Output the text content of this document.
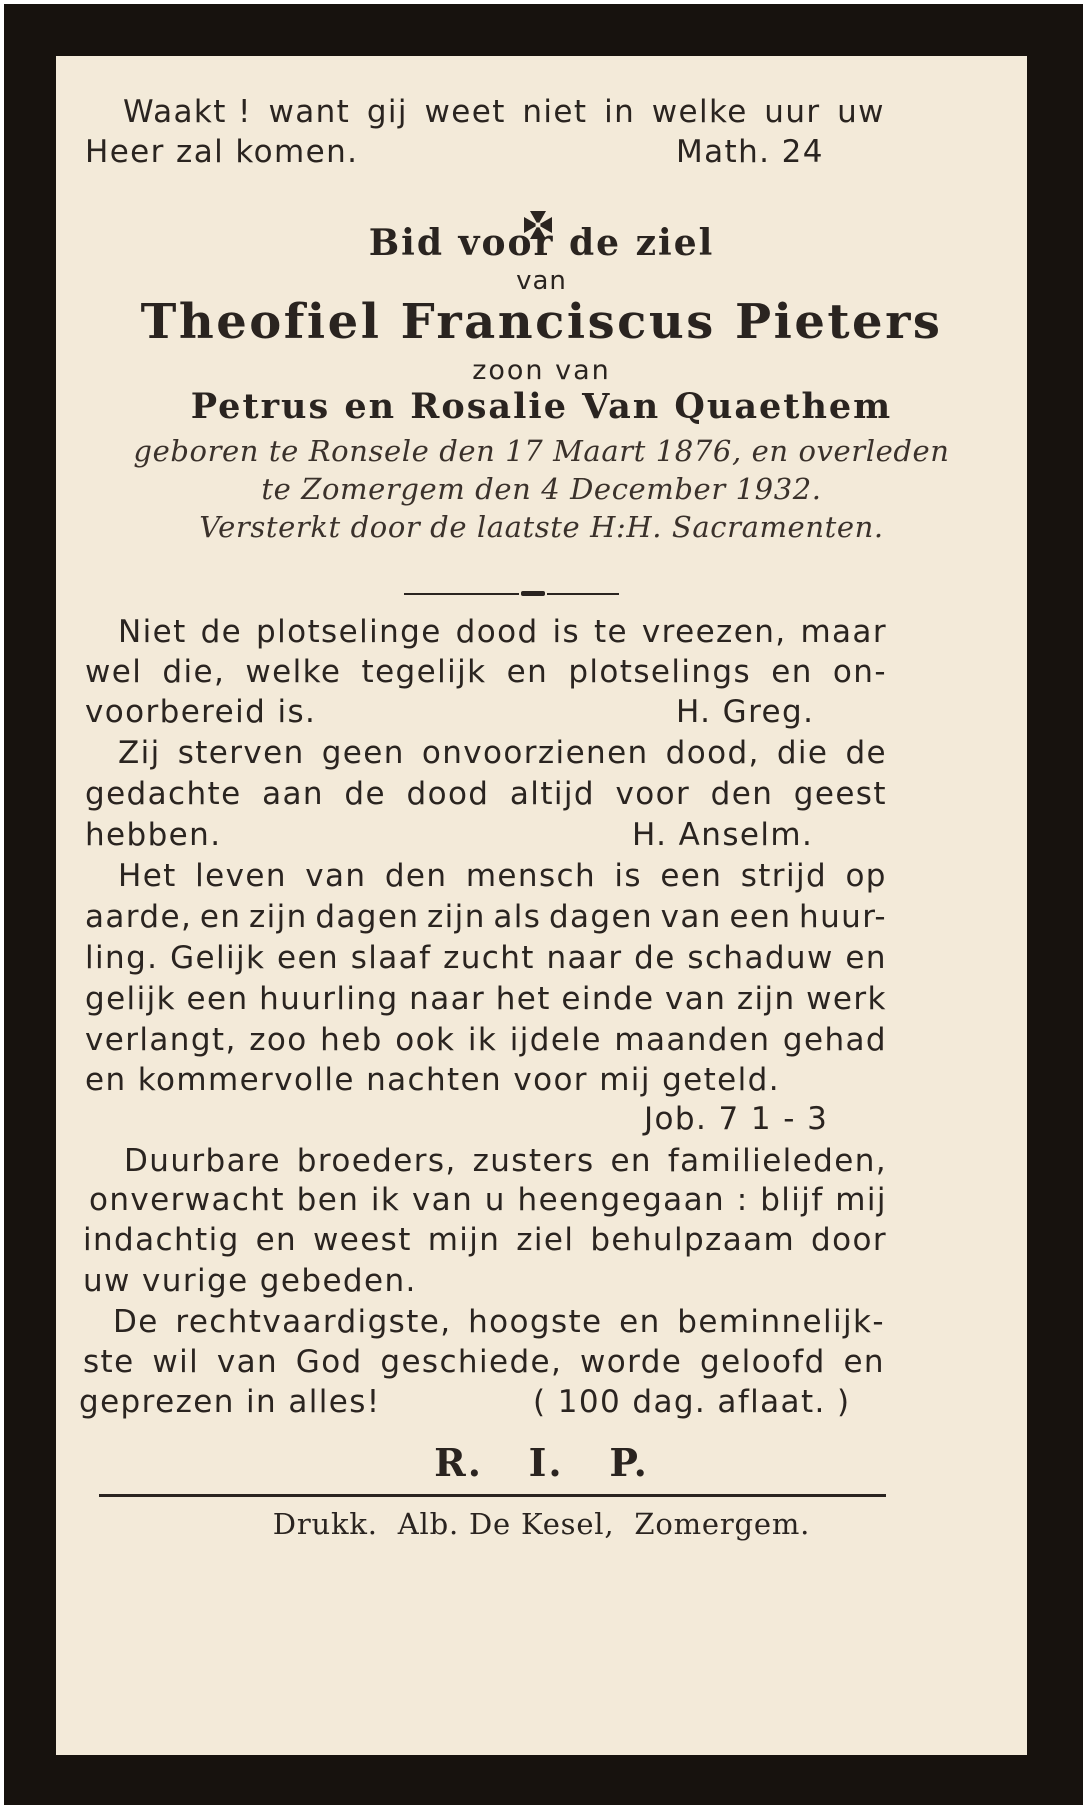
Waakt ! want gij weet niet in welke uur uw
Heer zal komen.	Math. 24
Bid voor de ziel
van
Theofiel Franciscus Pieters
zoon van
Petrus en Rosalie Van Quaethem
geboren te Ronsele den 17 Maart 1876, en overleden
te Zomergem den 4 December 1932.
Versterkt door de laatste H:H. Sacramenten.
Niet de plotselinge dood is te vreezen, maar
wel die, welke tegelijk en plotselings en on-
voorbereid is.	H. Greg.
Zij sterven geen onvoorzienen dood, die de
gedachte aan de dood altijd voor den geest
hebben.	H. Anselm.
Het leven van den mensch is een strijd op
aarde, en zijn dagen zijn als dagen van een huur-
ling. Gelijk een slaaf zucht naar de schaduw en
gelijk een huurling naar het einde van zijn werk
verlangt, zoo heb ook ik ijdele maanden gehad
en kommervolle nachten voor mij geteld.
Job. 7 1 - 3
Duurbare broeders, zusters en familieleden,
onverwacht ben ik van u heengegaan : blijf mij
indachtig en weest mijn ziel behulpzaam door
uw vurige gebeden.
De rechtvaardigste, hoogste en beminnelijk-
ste wil van God geschiede, worde geloofd en
geprezen in alles!	( 100 dag. aflaat. )
R.   I.   P.
Drukk.  Alb. De Kesel,  Zomergem.
